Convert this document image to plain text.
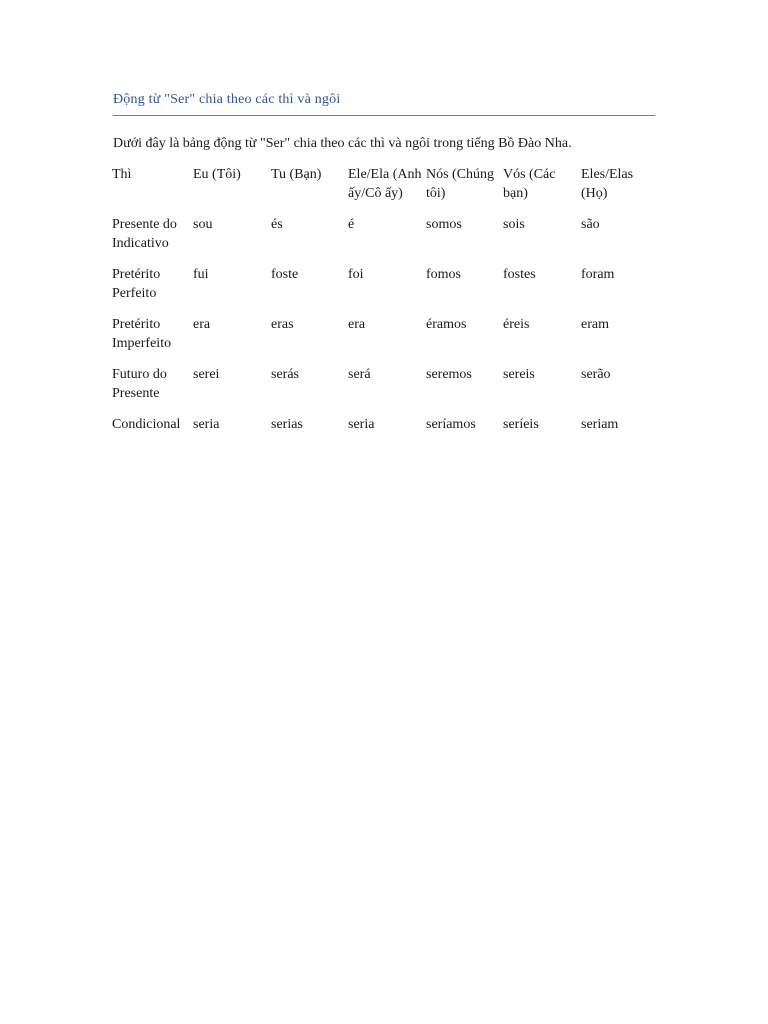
Động từ "Ser" chia theo các thì và ngôi
Dưới đây là bảng động từ "Ser" chia theo các thì và ngôi trong tiếng Bồ Đào Nha.
Thì	Eu (Tôi)	Tu (Bạn)	Ele/Ela (Anh ấy/Cô ấy)	Nós (Chúng tôi)	Vós (Các bạn)	Eles/Elas (Họ)
Presente do Indicativo	sou	és	é	somos	sois	são
Pretérito Perfeito	fui	foste	foi	fomos	fostes	foram
Pretérito Imperfeito	era	eras	era	éramos	éreis	eram
Futuro do Presente	serei	serás	será	seremos	sereis	serão
Condicional	seria	serias	seria	seríamos	seríeis	seriam
